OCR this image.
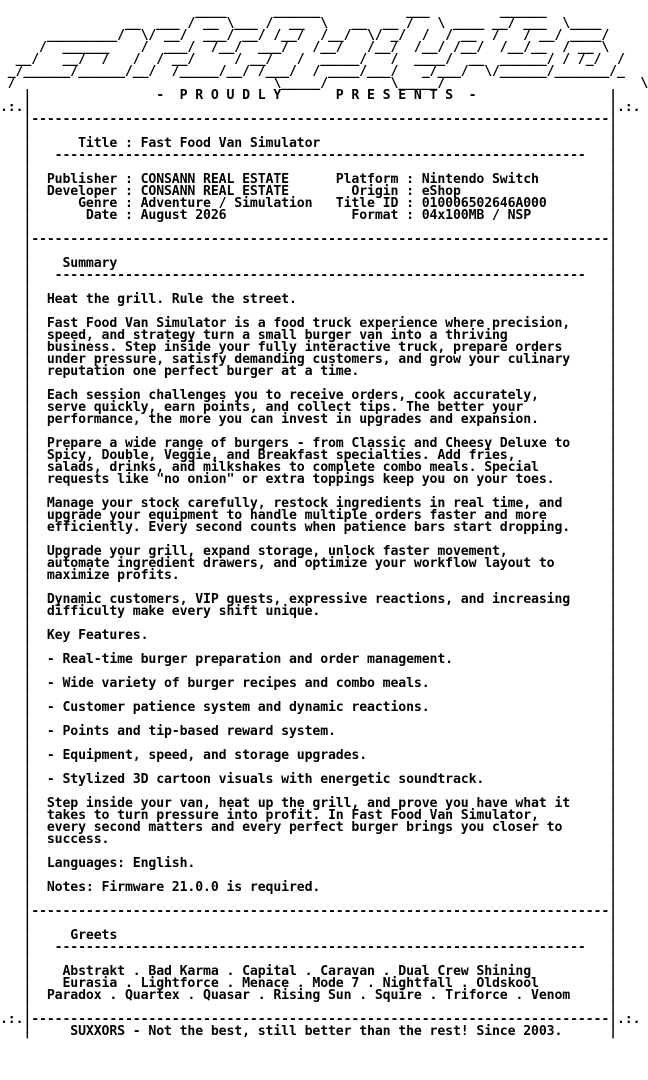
____      ______           ___         ______
__  ___ / __ \___ /  __  \   __  __ /   \ ____ __/ ___  \____
_________/  \/ __/  ___/ __/ /__/  /__/  \/ _/  /  / __  /   / __/ ____/
/  ______    /  ___/  /__/  ___/   /__/   /__/  /__/ /__/  /__/__  / __ \
__/   __/  /   /  / __/     / __/   /  _____/   /  ____/  __  ______/ / /_/  /
_/______/______/__/  /_____/__/ /___/  / ____/___/   _/___/  \/______/_______/_
/                                 \_____/        \_____/                         \
|                -  P R O U D L Y       P R E S E N T S  -                 |
.:.|                                                                          |.:.
|--------------------------------------------------------------------------|
|                                                                          |
|      Title : Fast Food Van Simulator                                     |
|   --------------------------------------------------------------------   |
|                                                                          |
|  Publisher : CONSANN REAL ESTATE      Platform : Nintendo Switch         |
|  Developer : CONSANN REAL ESTATE        Origin : eShop                   |
|      Genre : Adventure / Simulation   Title ID : 010006502646A000        |
|       Date : August 2026                Format : 04x100MB / NSP          |
|                                                                          |
|--------------------------------------------------------------------------|
|                                                                          |
|    Summary                                                               |
|   --------------------------------------------------------------------   |
|                                                                          |
|  Heat the grill. Rule the street.                                        |
|                                                                          |
|  Fast Food Van Simulator is a food truck experience where precision,     |
|  speed, and strategy turn a small burger van into a thriving             |
|  business. Step inside your fully interactive truck, prepare orders      |
|  under pressure, satisfy demanding customers, and grow your culinary     |
|  reputation one perfect burger at a time.                                |
|                                                                          |
|  Each session challenges you to receive orders, cook accurately,         |
|  serve quickly, earn points, and collect tips. The better your           |
|  performance, the more you can invest in upgrades and expansion.         |
|                                                                          |
|  Prepare a wide range of burgers - from Classic and Cheesy Deluxe to     |
|  Spicy, Double, Veggie, and Breakfast specialties. Add fries,            |
|  salads, drinks, and milkshakes to complete combo meals. Special         |
|  requests like "no onion" or extra toppings keep you on your toes.       |
|                                                                          |
|  Manage your stock carefully, restock ingredients in real time, and      |
|  upgrade your equipment to handle multiple orders faster and more        |
|  efficiently. Every second counts when patience bars start dropping.     |
|                                                                          |
|  Upgrade your grill, expand storage, unlock faster movement,             |
|  automate ingredient drawers, and optimize your workflow layout to       |
|  maximize profits.                                                       |
|                                                                          |
|  Dynamic customers, VIP guests, expressive reactions, and increasing     |
|  difficulty make every shift unique.                                     |
|                                                                          |
|  Key Features.                                                           |
|                                                                          |
|  - Real-time burger preparation and order management.                    |
|                                                                          |
|  - Wide variety of burger recipes and combo meals.                       |
|                                                                          |
|  - Customer patience system and dynamic reactions.                       |
|                                                                          |
|  - Points and tip-based reward system.                                   |
|                                                                          |
|  - Equipment, speed, and storage upgrades.                               |
|                                                                          |
|  - Stylized 3D cartoon visuals with energetic soundtrack.                |
|                                                                          |
|  Step inside your van, heat up the grill, and prove you have what it     |
|  takes to turn pressure into profit. In Fast Food Van Simulator,         |
|  every second matters and every perfect burger brings you closer to      |
|  success.                                                                |
|                                                                          |
|  Languages: English.                                                     |
|                                                                          |
|  Notes: Firmware 21.0.0 is required.                                     |
|                                                                          |
|--------------------------------------------------------------------------|
|                                                                          |
|     Greets                                                               |
|   --------------------------------------------------------------------   |
|                                                                          |
|    Abstrakt . Bad Karma . Capital . Caravan . Dual Crew Shining          |
|    Eurasia . Lightforce . Menace . Mode 7 . Nightfall . Oldskool         |
|  Paradox . Quartex . Quasar . Rising Sun . Squire . Triforce . Venom     |
|                                                                          |
.:.|--------------------------------------------------------------------------|.:.
|     SUXXORS - Not the best, still better than the rest! Since 2003.      |
